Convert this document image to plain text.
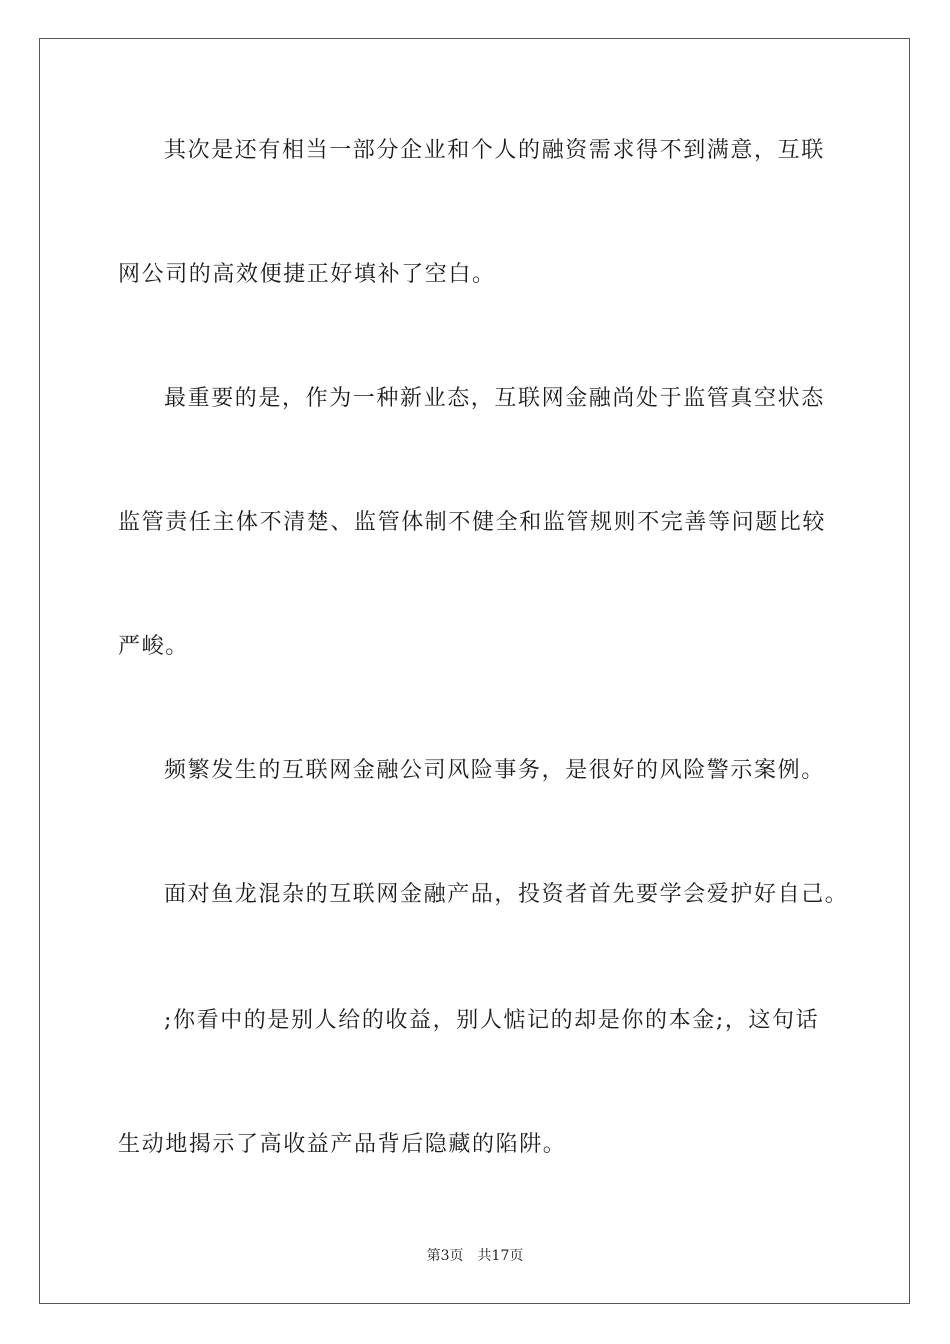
其次是还有相当一部分企业和个人的融资需求得不到满意，互联
网公司的高效便捷正好填补了空白。
最重要的是，作为一种新业态，互联网金融尚处于监管真空状态
监管责任主体不清楚、监管体制不健全和监管规则不完善等问题比较
严峻。
频繁发生的互联网金融公司风险事务，是很好的风险警示案例。
面对鱼龙混杂的互联网金融产品，投资者首先要学会爱护好自己。
;你看中的是别人给的收益，别人惦记的却是你的本金;，这句话
生动地揭示了高收益产品背后隐藏的陷阱。
第3页 共17页
